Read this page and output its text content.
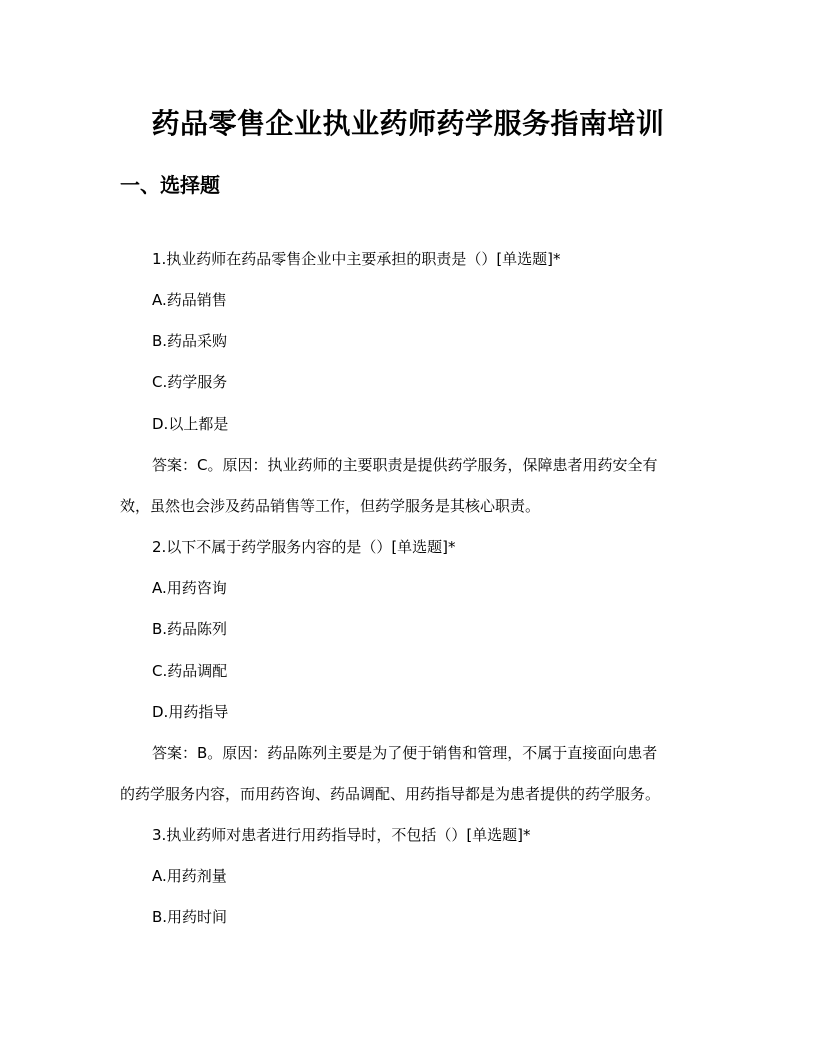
药品零售企业执业药师药学服务指南培训
一、选择题
1.执业药师在药品零售企业中主要承担的职责是（）[单选题]*
A.药品销售
B.药品采购
C.药学服务
D.以上都是
答案：C。原因：执业药师的主要职责是提供药学服务，保障患者用药安全有
效，虽然也会涉及药品销售等工作，但药学服务是其核心职责。
2.以下不属于药学服务内容的是（）[单选题]*
A.用药咨询
B.药品陈列
C.药品调配
D.用药指导
答案：B。原因：药品陈列主要是为了便于销售和管理，不属于直接面向患者
的药学服务内容，而用药咨询、药品调配、用药指导都是为患者提供的药学服务。
3.执业药师对患者进行用药指导时，不包括（）[单选题]*
A.用药剂量
B.用药时间
